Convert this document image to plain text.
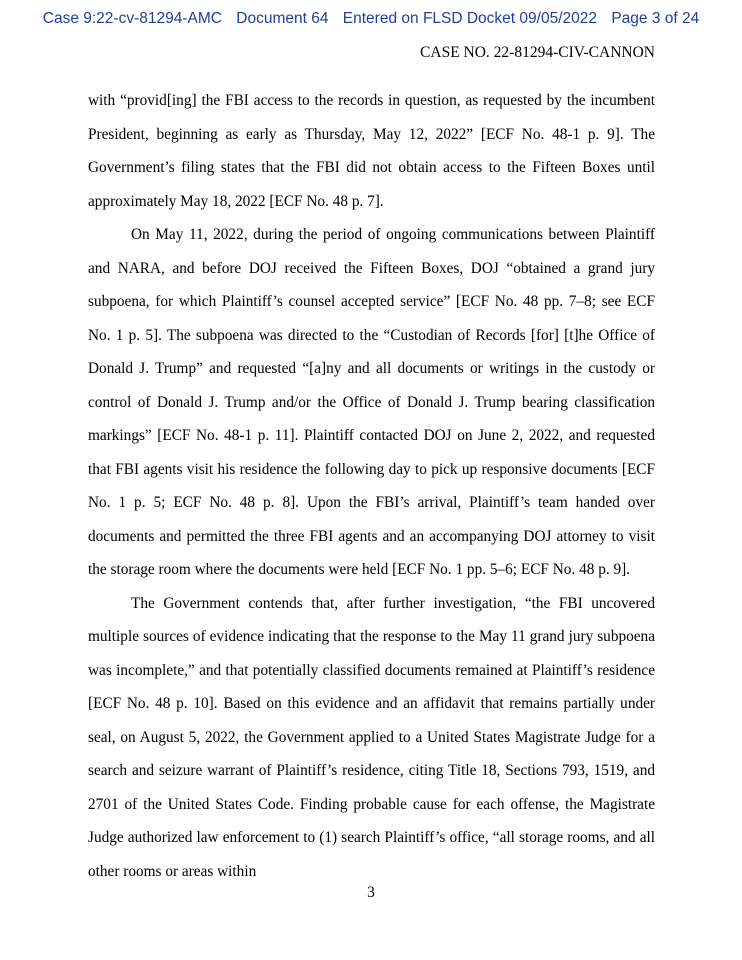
Case 9:22-cv-81294-AMC Document 64 Entered on FLSD Docket 09/05/2022 Page 3 of 24
CASE NO. 22-81294-CIV-CANNON

with “provid[ing] the FBI access to the records in question, as requested by the incumbent President, beginning as early as Thursday, May 12, 2022” [ECF No. 48-1 p. 9]. The Government’s filing states that the FBI did not obtain access to the Fifteen Boxes until approximately May 18, 2022 [ECF No. 48 p. 7].

On May 11, 2022, during the period of ongoing communications between Plaintiff and NARA, and before DOJ received the Fifteen Boxes, DOJ “obtained a grand jury subpoena, for which Plaintiff’s counsel accepted service” [ECF No. 48 pp. 7–8; see ECF No. 1 p. 5]. The subpoena was directed to the “Custodian of Records [for] [t]he Office of Donald J. Trump” and requested “[a]ny and all documents or writings in the custody or control of Donald J. Trump and/or the Office of Donald J. Trump bearing classification markings” [ECF No. 48-1 p. 11]. Plaintiff contacted DOJ on June 2, 2022, and requested that FBI agents visit his residence the following day to pick up responsive documents [ECF No. 1 p. 5; ECF No. 48 p. 8]. Upon the FBI’s arrival, Plaintiff’s team handed over documents and permitted the three FBI agents and an accompanying DOJ attorney to visit the storage room where the documents were held [ECF No. 1 pp. 5–6; ECF No. 48 p. 9].

The Government contends that, after further investigation, “the FBI uncovered multiple sources of evidence indicating that the response to the May 11 grand jury subpoena was incomplete,” and that potentially classified documents remained at Plaintiff’s residence [ECF No. 48 p. 10]. Based on this evidence and an affidavit that remains partially under seal, on August 5, 2022, the Government applied to a United States Magistrate Judge for a search and seizure warrant of Plaintiff’s residence, citing Title 18, Sections 793, 1519, and 2701 of the United States Code. Finding probable cause for each offense, the Magistrate Judge authorized law enforcement to (1) search Plaintiff’s office, “all storage rooms, and all other rooms or areas within

3
